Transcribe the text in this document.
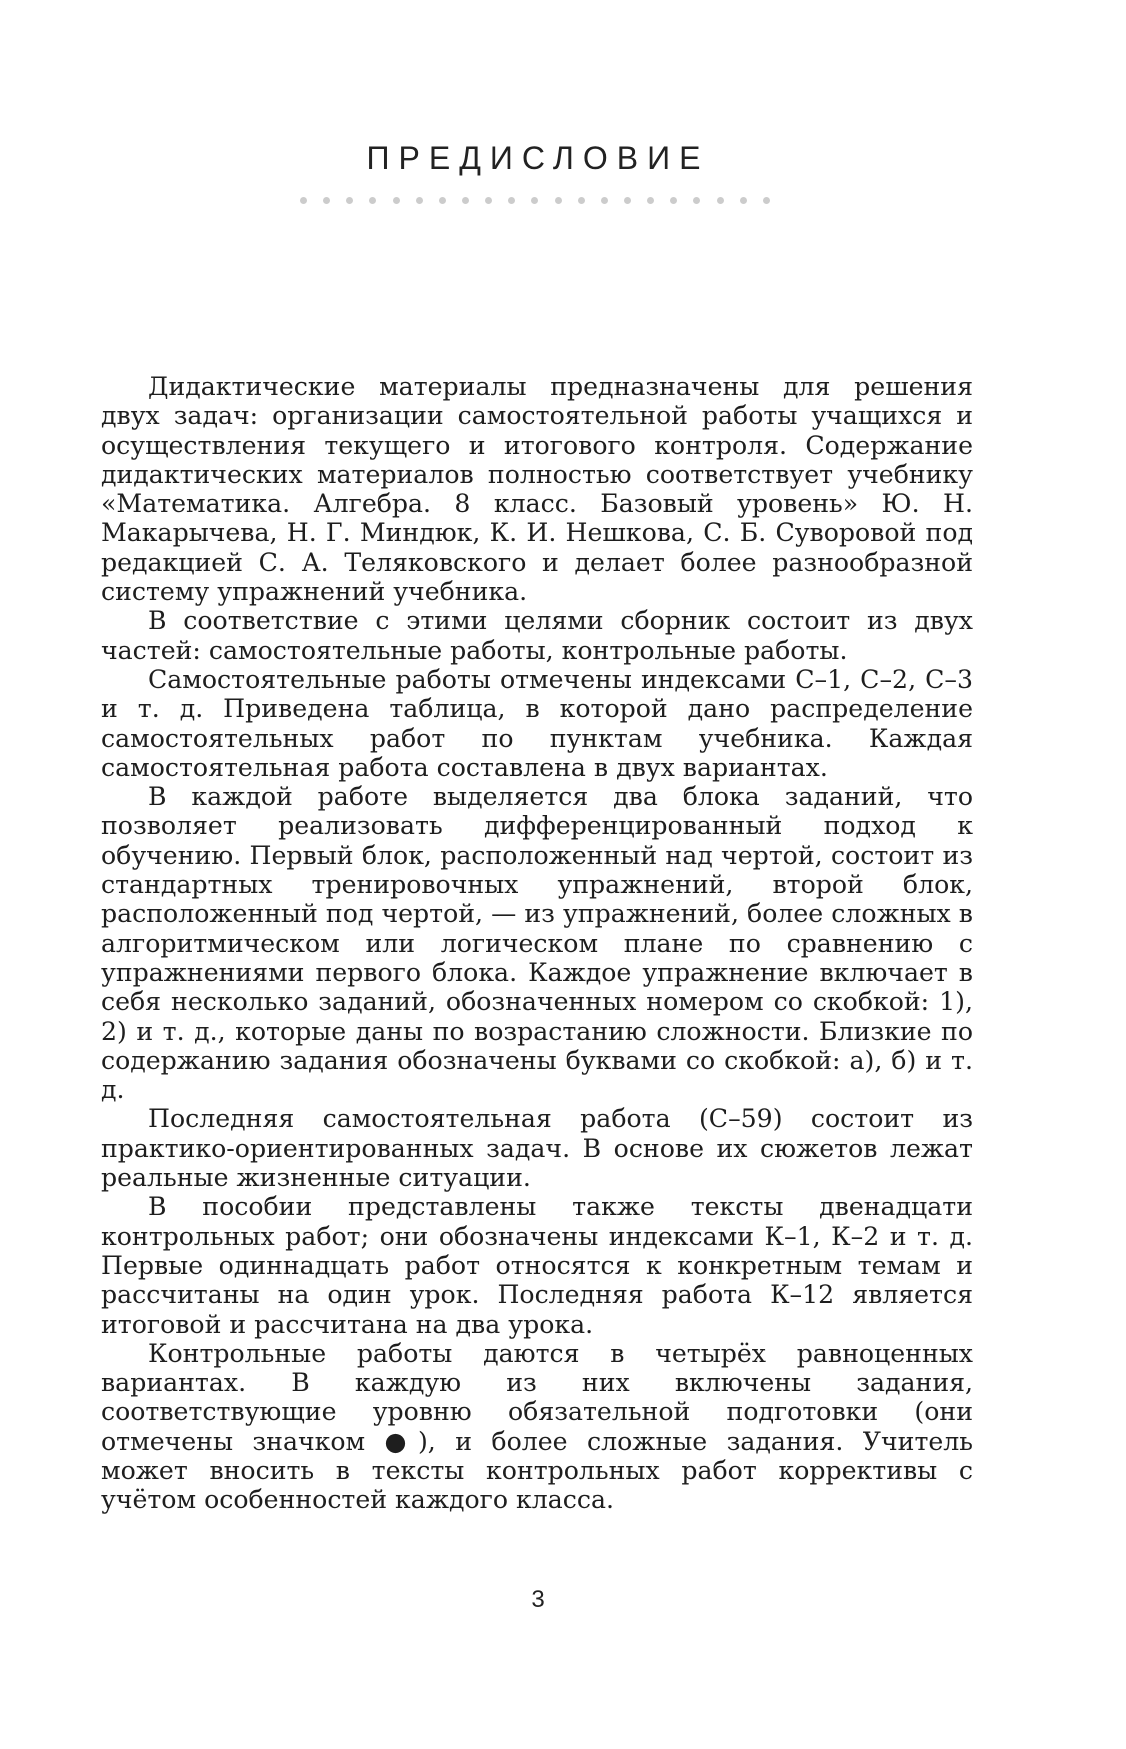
ПРЕДИСЛОВИЕ

Дидактические материалы предназначены для решения двух задач: организации самостоятельной работы учащихся и осуществления текущего и итогового контроля. Содержание дидактических материалов полностью соответствует учебнику «Математика. Алгебра. 8 класс. Базовый уровень» Ю. Н. Макарычева, Н. Г. Миндюк, К. И. Нешкова, С. Б. Суворовой под редакцией С. А. Теляковского и делает более разнообразной систему упражнений учебника.

В соответствие с этими целями сборник состоит из двух частей: самостоятельные работы, контрольные работы.

Самостоятельные работы отмечены индексами С–1, С–2, С–3 и т. д. Приведена таблица, в которой дано распределение самостоятельных работ по пунктам учебника. Каждая самостоятельная работа составлена в двух вариантах.

В каждой работе выделяется два блока заданий, что позволяет реализовать дифференцированный подход к обучению. Первый блок, расположенный над чертой, состоит из стандартных тренировочных упражнений, второй блок, расположенный под чертой, — из упражнений, более сложных в алгоритмическом или логическом плане по сравнению с упражнениями первого блока. Каждое упражнение включает в себя несколько заданий, обозначенных номером со скобкой: 1), 2) и т. д., которые даны по возрастанию сложности. Близкие по содержанию задания обозначены буквами со скобкой: а), б) и т. д.

Последняя самостоятельная работа (С–59) состоит из практико-ориентированных задач. В основе их сюжетов лежат реальные жизненные ситуации.

В пособии представлены также тексты двенадцати контрольных работ; они обозначены индексами К–1, К–2 и т. д. Первые одиннадцать работ относятся к конкретным темам и рассчитаны на один урок. Последняя работа К–12 является итоговой и рассчитана на два урока.

Контрольные работы даются в четырёх равноценных вариантах. В каждую из них включены задания, соответствующие уровню обязательной подготовки (они отмечены значком ●), и более сложные задания. Учитель может вносить в тексты контрольных работ коррективы с учётом особенностей каждого класса.

3
